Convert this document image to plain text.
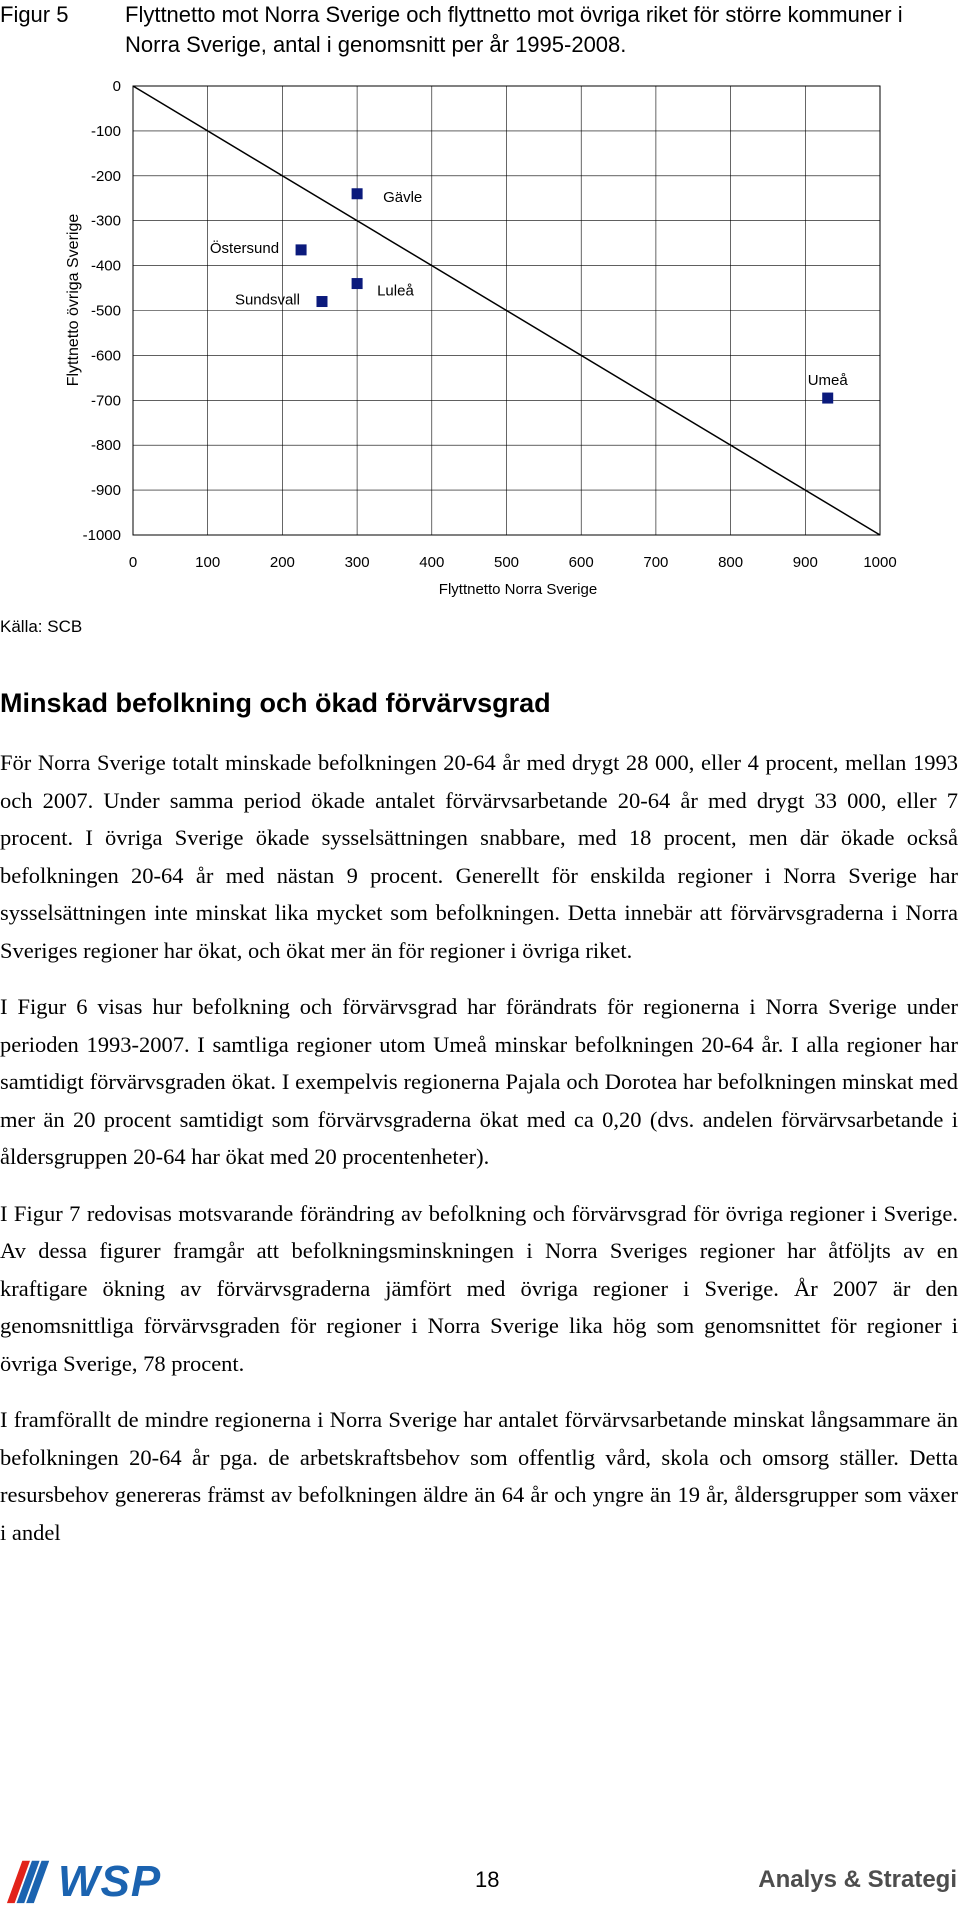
Figur 5	Flyttnetto mot Norra Sverige och flyttnetto mot övriga riket för större kommuner i Norra Sverige, antal i genomsnitt per år 1995-2008.
0
-100
-200
-300
-400
-500
-600
-700
-800
-900
-1000
0	100	200	300	400	500	600	700	800	900	1000
Gävle
Östersund
Sundsvall
Luleå
Umeå
Flyttnetto övriga Sverige
Flyttnetto Norra Sverige
Källa: SCB
Minskad befolkning och ökad förvärvsgrad

För Norra Sverige totalt minskade befolkningen 20-64 år med drygt 28 000, eller 4 procent, mellan 1993 och 2007. Under samma period ökade antalet förvärvsarbetande 20-64 år med drygt 33 000, eller 7 procent. I övriga Sverige ökade sysselsättningen snabbare, med 18 procent, men där ökade också befolkningen 20-64 år med nästan 9 procent. Generellt för enskilda regioner i Norra Sverige har sysselsättningen inte minskat lika mycket som befolkningen. Detta innebär att förvärvsgraderna i Norra Sveriges regioner har ökat, och ökat mer än för regioner i övriga riket.

I Figur 6 visas hur befolkning och förvärvsgrad har förändrats för regionerna i Norra Sverige under perioden 1993-2007. I samtliga regioner utom Umeå minskar befolkningen 20-64 år. I alla regioner har samtidigt förvärvsgraden ökat. I exempelvis regionerna Pajala och Dorotea har befolkningen minskat med mer än 20 procent samtidigt som förvärvsgraderna ökat med ca 0,20 (dvs. andelen förvärvsarbetande i åldersgruppen 20-64 har ökat med 20 procentenheter).

I Figur 7 redovisas motsvarande förändring av befolkning och förvärvsgrad för övriga regioner i Sverige. Av dessa figurer framgår att befolkningsminskningen i Norra Sveriges regioner har åtföljts av en kraftigare ökning av förvärvsgraderna jämfört med övriga regioner i Sverige. År 2007 är den genomsnittliga förvärvsgraden för regioner i Norra Sverige lika hög som genomsnittet för regioner i övriga Sverige, 78 procent.

I framförallt de mindre regionerna i Norra Sverige har antalet förvärvsarbetande minskat långsammare än befolkningen 20-64 år pga. de arbetskraftsbehov som offentlig vård, skola och omsorg ställer. Detta resursbehov genereras främst av befolkningen äldre än 64 år och yngre än 19 år, åldersgrupper som växer i andel

WSP	18	Analys & Strategi
